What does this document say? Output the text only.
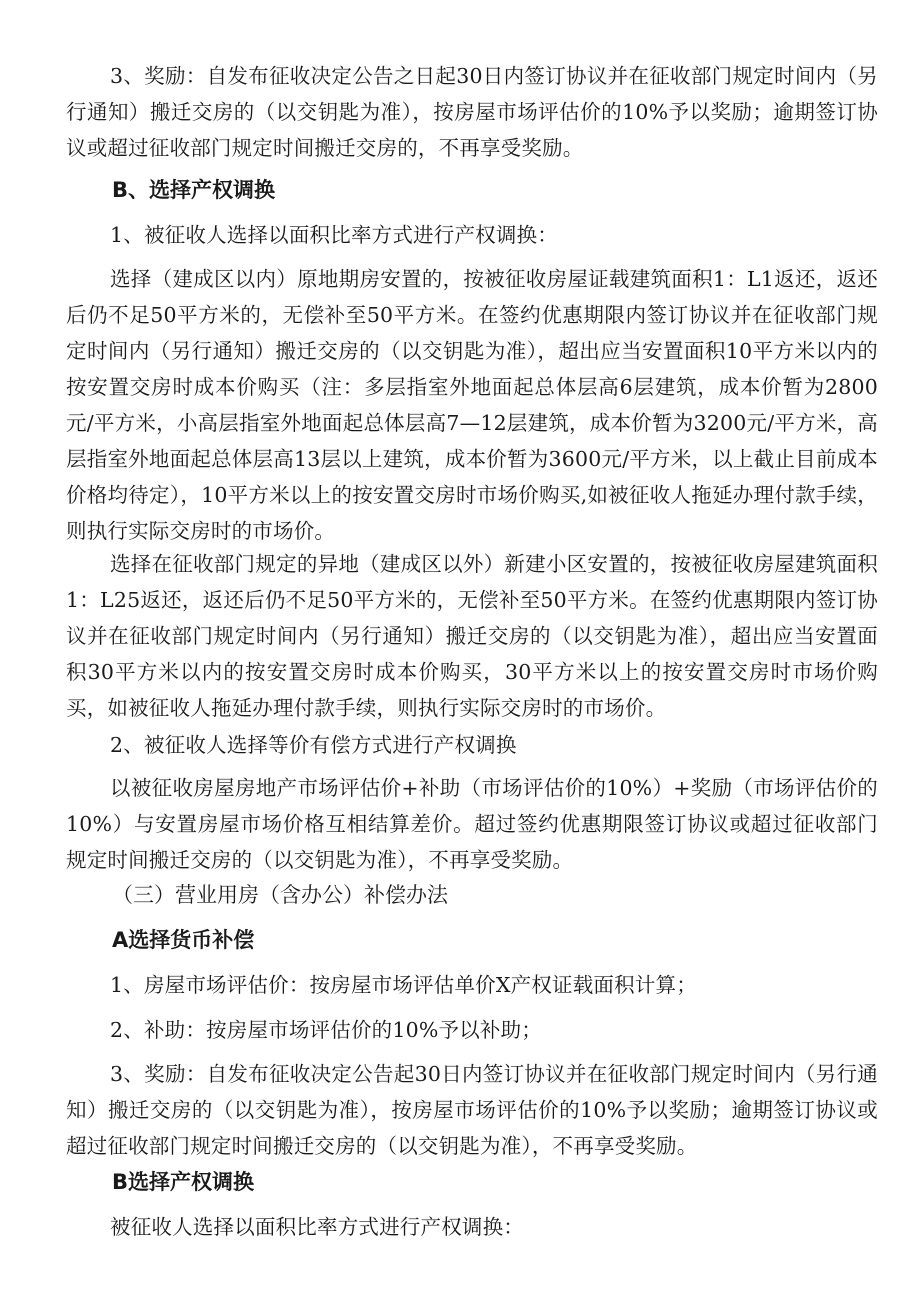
3、奖励：自发布征收决定公告之日起30日内签订协议并在征收部门规定时间内（另行通知）搬迁交房的（以交钥匙为准），按房屋市场评估价的10%予以奖励；逾期签订协议或超过征收部门规定时间搬迁交房的，不再享受奖励。

B、选择产权调换

1、被征收人选择以面积比率方式进行产权调换：

选择（建成区以内）原地期房安置的，按被征收房屋证载建筑面积1：L1返还，返还后仍不足50平方米的，无偿补至50平方米。在签约优惠期限内签订协议并在征收部门规定时间内（另行通知）搬迁交房的（以交钥匙为准），超出应当安置面积10平方米以内的按安置交房时成本价购买（注：多层指室外地面起总体层高6层建筑，成本价暂为2800元/平方米，小高层指室外地面起总体层高7—12层建筑，成本价暂为3200元/平方米，高层指室外地面起总体层高13层以上建筑，成本价暂为3600元/平方米，以上截止目前成本价格均待定），10平方米以上的按安置交房时市场价购买,如被征收人拖延办理付款手续，则执行实际交房时的市场价。

选择在征收部门规定的异地（建成区以外）新建小区安置的，按被征收房屋建筑面积1：L25返还，返还后仍不足50平方米的，无偿补至50平方米。在签约优惠期限内签订协议并在征收部门规定时间内（另行通知）搬迁交房的（以交钥匙为准），超出应当安置面积30平方米以内的按安置交房时成本价购买，30平方米以上的按安置交房时市场价购买，如被征收人拖延办理付款手续，则执行实际交房时的市场价。

2、被征收人选择等价有偿方式进行产权调换

以被征收房屋房地产市场评估价+补助（市场评估价的10%）+奖励（市场评估价的10%）与安置房屋市场价格互相结算差价。超过签约优惠期限签订协议或超过征收部门规定时间搬迁交房的（以交钥匙为准），不再享受奖励。

（三）营业用房（含办公）补偿办法

A选择货币补偿

1、房屋市场评估价：按房屋市场评估单价X产权证载面积计算；

2、补助：按房屋市场评估价的10%予以补助；

3、奖励：自发布征收决定公告起30日内签订协议并在征收部门规定时间内（另行通知）搬迁交房的（以交钥匙为准），按房屋市场评估价的10%予以奖励；逾期签订协议或超过征收部门规定时间搬迁交房的（以交钥匙为准），不再享受奖励。

B选择产权调换

被征收人选择以面积比率方式进行产权调换：
